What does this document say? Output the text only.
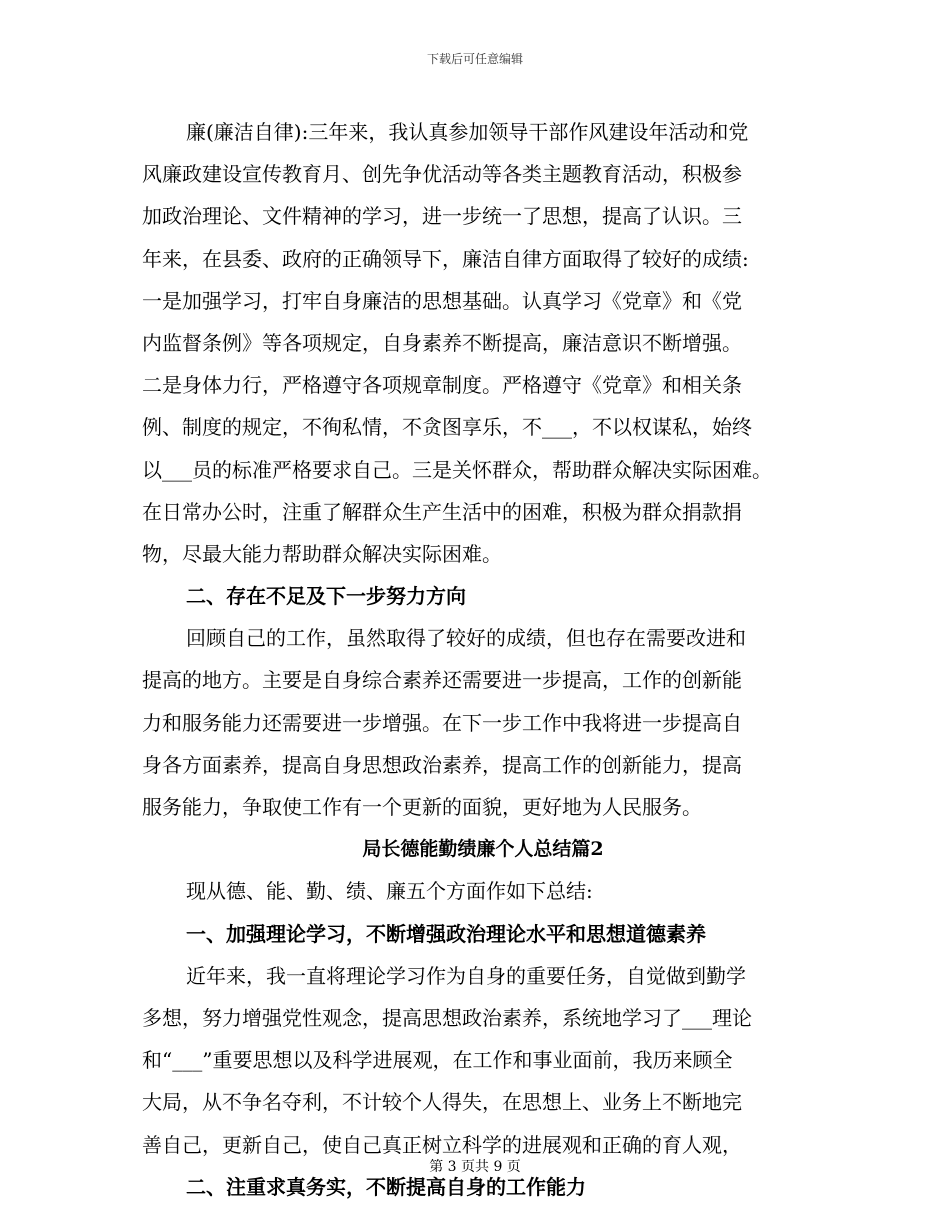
下载后可任意编辑
廉(廉洁自律):三年来，我认真参加领导干部作风建设年活动和党
风廉政建设宣传教育月、创先争优活动等各类主题教育活动，积极参
加政治理论、文件精神的学习，进一步统一了思想，提高了认识。三
年来，在县委、政府的正确领导下，廉洁自律方面取得了较好的成绩:
一是加强学习，打牢自身廉洁的思想基础。认真学习《党章》和《党
内监督条例》等各项规定，自身素养不断提高，廉洁意识不断增强。
二是身体力行，严格遵守各项规章制度。严格遵守《党章》和相关条
例、制度的规定，不徇私情，不贪图享乐，不___，不以权谋私，始终
以___员的标准严格要求自己。三是关怀群众，帮助群众解决实际困难。
在日常办公时，注重了解群众生产生活中的困难，积极为群众捐款捐
物，尽最大能力帮助群众解决实际困难。
二、存在不足及下一步努力方向
回顾自己的工作，虽然取得了较好的成绩，但也存在需要改进和
提高的地方。主要是自身综合素养还需要进一步提高，工作的创新能
力和服务能力还需要进一步增强。在下一步工作中我将进一步提高自
身各方面素养，提高自身思想政治素养，提高工作的创新能力，提高
服务能力，争取使工作有一个更新的面貌，更好地为人民服务。
局长德能勤绩廉个人总结篇2
现从德、能、勤、绩、廉五个方面作如下总结:
一、加强理论学习，不断增强政治理论水平和思想道德素养
近年来，我一直将理论学习作为自身的重要任务，自觉做到勤学
多想，努力增强党性观念，提高思想政治素养，系统地学习了___理论
和“___”重要思想以及科学进展观，在工作和事业面前，我历来顾全
大局，从不争名夺利，不计较个人得失，在思想上、业务上不断地完
善自己，更新自己，使自己真正树立科学的进展观和正确的育人观，
二、注重求真务实，不断提高自身的工作能力
第 3 页共 9 页
